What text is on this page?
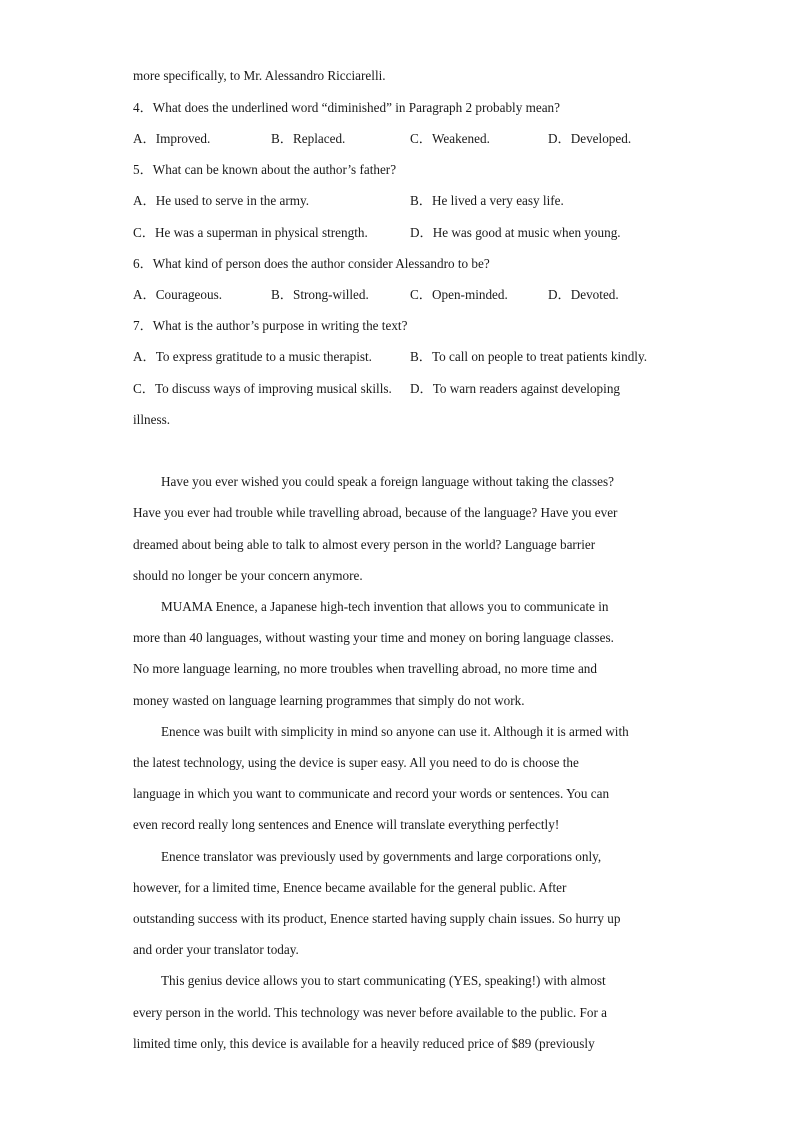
more specifically, to Mr. Alessandro Ricciarelli.
4．What does the underlined word “diminished” in Paragraph 2 probably mean?
A．Improved.	B．Replaced.	C．Weakened.	D．Developed.
5．What can be known about the author’s father?
A．He used to serve in the army.	B．He lived a very easy life.
C．He was a superman in physical strength.	D．He was good at music when young.
6．What kind of person does the author consider Alessandro to be?
A．Courageous.	B．Strong-willed.	C．Open-minded.	D．Devoted.
7．What is the author’s purpose in writing the text?
A．To express gratitude to a music therapist.	B．To call on people to treat patients kindly.
C．To discuss ways of improving musical skills. D．To warn readers against developing
illness.
Have you ever wished you could speak a foreign language without taking the classes?
Have you ever had trouble while travelling abroad, because of the language? Have you ever
dreamed about being able to talk to almost every person in the world? Language barrier
should no longer be your concern anymore.
MUAMA Enence, a Japanese high-tech invention that allows you to communicate in
more than 40 languages, without wasting your time and money on boring language classes.
No more language learning, no more troubles when travelling abroad, no more time and
money wasted on language learning programmes that simply do not work.
Enence was built with simplicity in mind so anyone can use it. Although it is armed with
the latest technology, using the device is super easy. All you need to do is choose the
language in which you want to communicate and record your words or sentences. You can
even record really long sentences and Enence will translate everything perfectly!
Enence translator was previously used by governments and large corporations only,
however, for a limited time, Enence became available for the general public. After
outstanding success with its product, Enence started having supply chain issues. So hurry up
and order your translator today.
This genius device allows you to start communicating (YES, speaking!) with almost
every person in the world. This technology was never before available to the public. For a
limited time only, this device is available for a heavily reduced price of $89 (previously
